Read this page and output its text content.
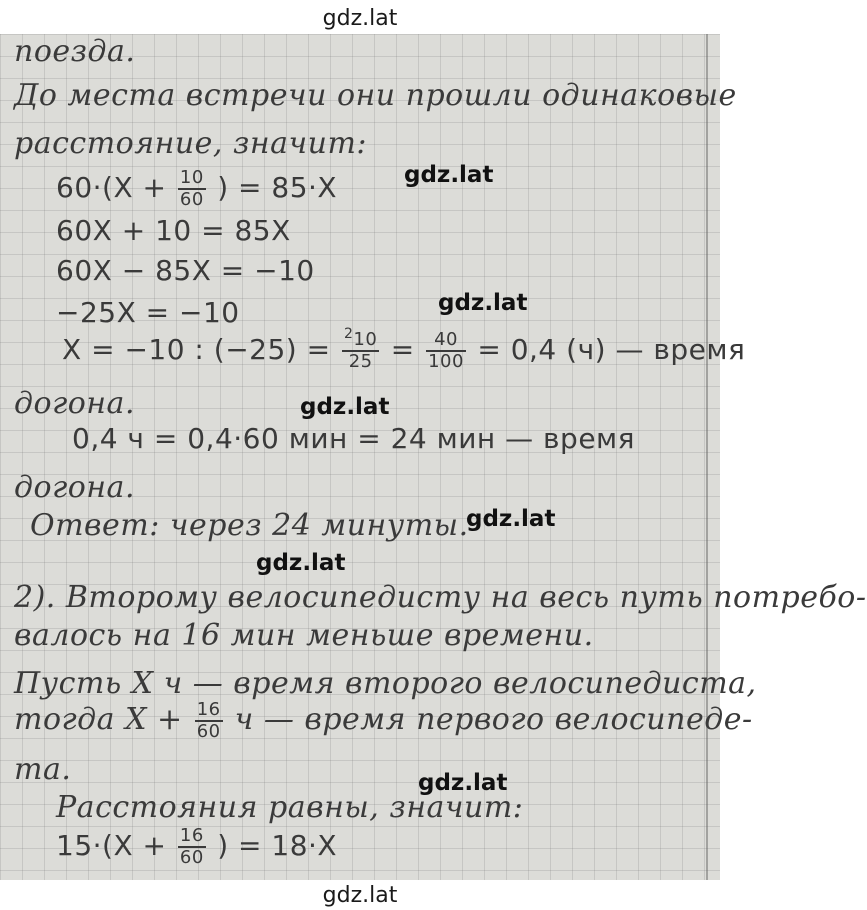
gdz.lat
поезда.
До места встречи они прошли одинаковые
расстояние, значит:
$60\cdot(X + \frac{10}{60}$ ) = 85·X
60X + 10 = 85X
60X − 85X = −10
−25X = −10
X = −10 : $(-25) = \frac{^210}{25} = \frac{40}{100} = 0,4$ (ч) — время
догона.
0,4 ч = 0,4·60 мин = 24 мин — время
догона.
Ответ: через 24 минуты.
2). Второму велосипедисту на весь путь потребо-
валось на 16 мин меньше времени.
Пусть X ч — время второго велосипедиста,
тогда $X + \frac{16}{60}$ ч — время первого велосипеде-
та.
Расстояния равны, значит:
$15\cdot(X + \frac{16}{60}$ ) = 18·X
gdz.lat
gdz.lat
gdz.lat
gdz.lat
gdz.lat
gdz.lat
gdz.lat
